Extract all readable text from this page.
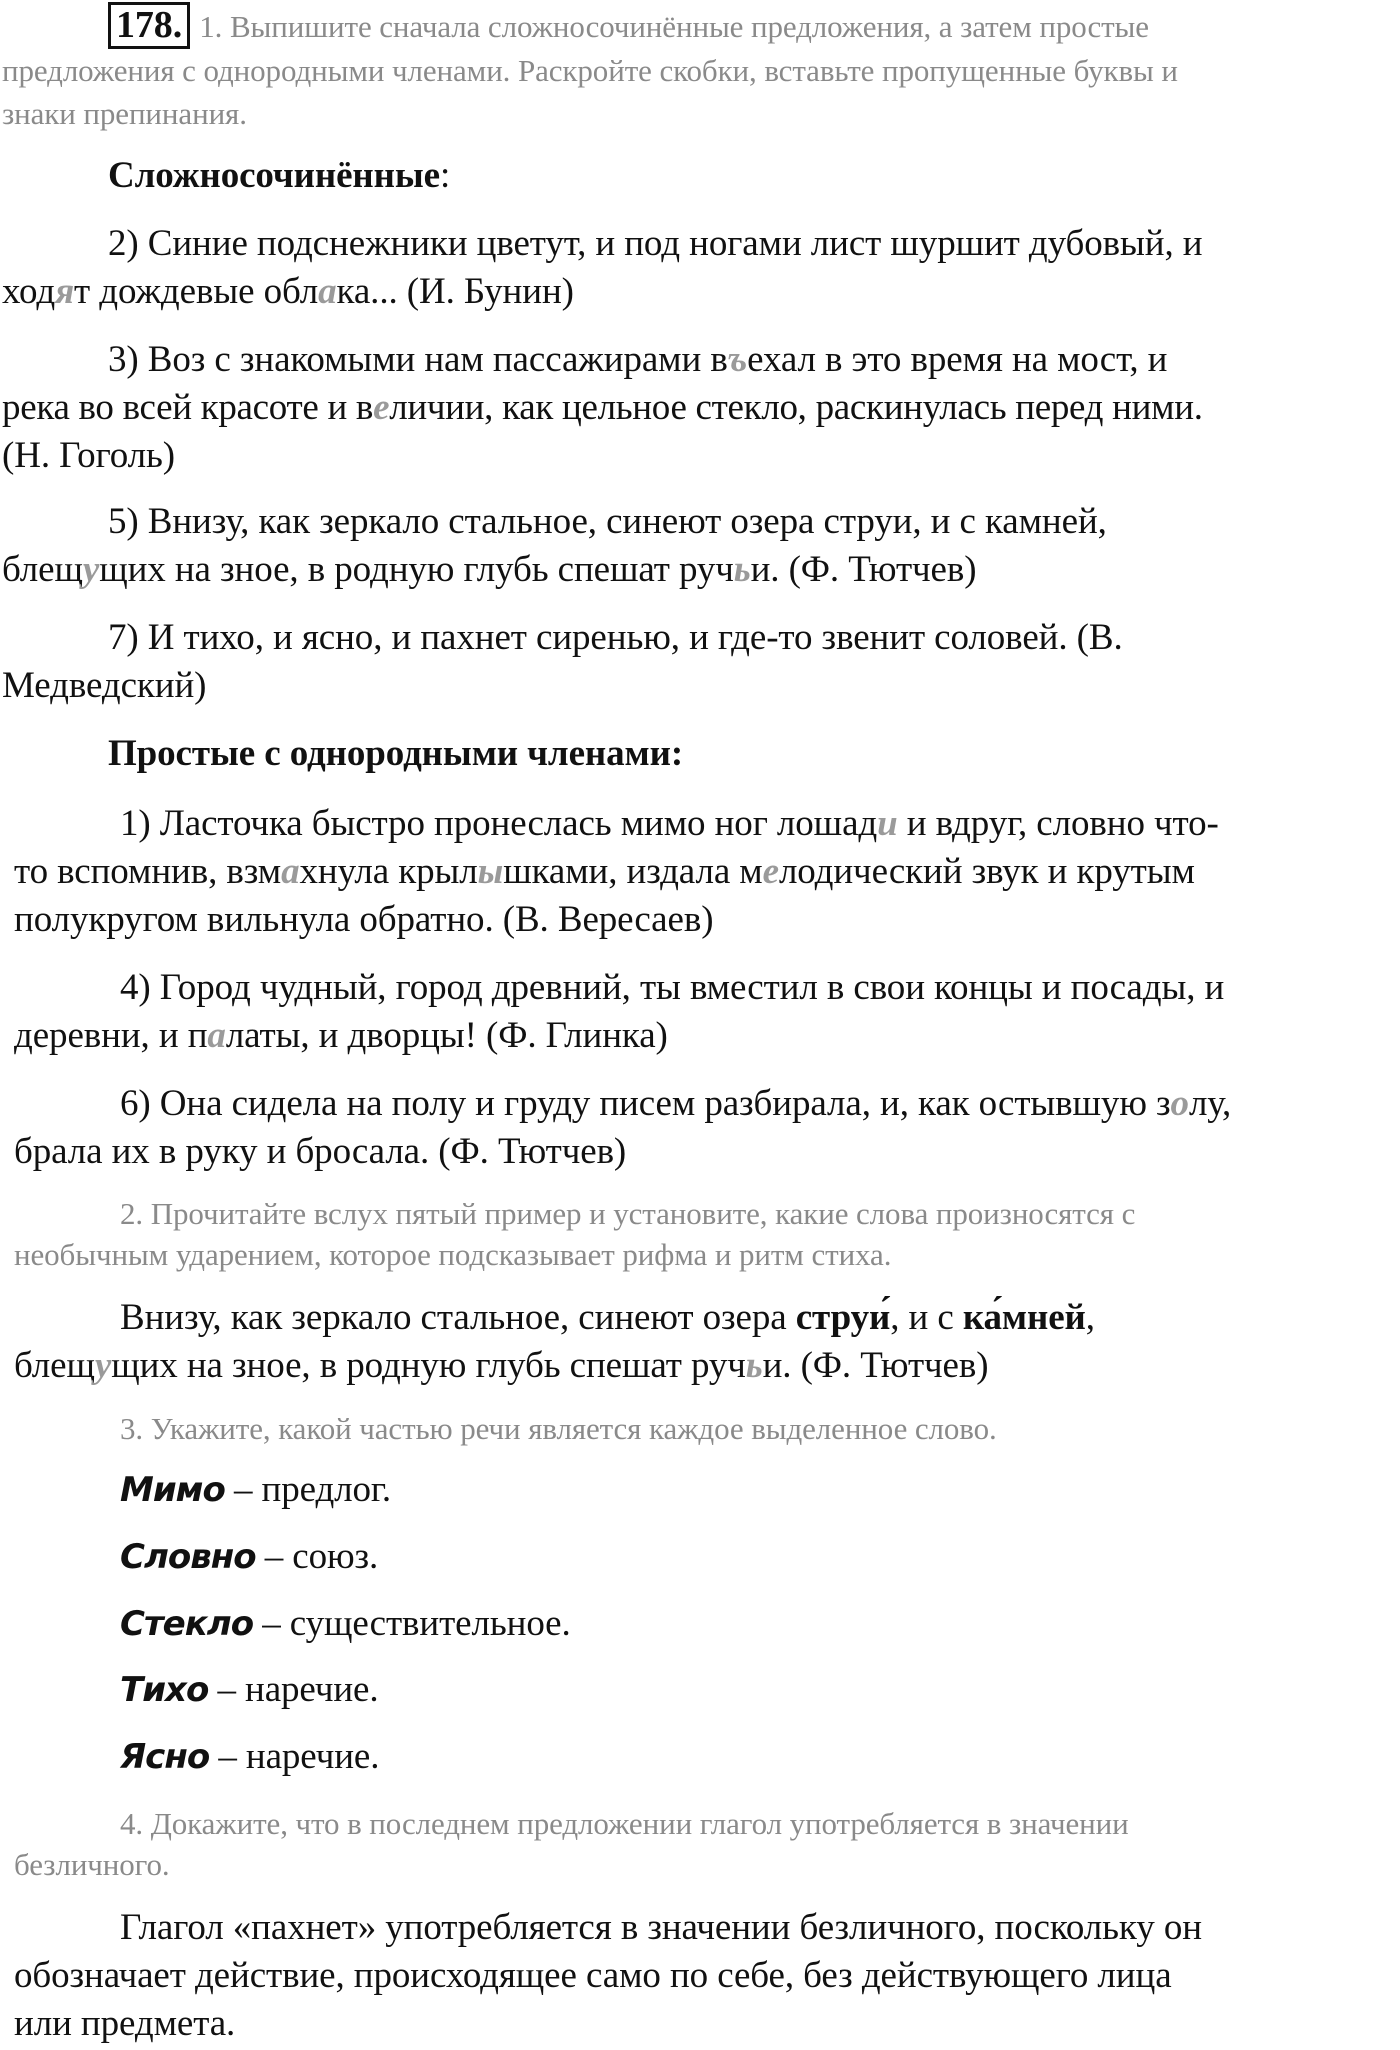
178. 1. Выпишите сначала сложносочинённые предложения, а затем простые
предложения с однородными членами. Раскройте скобки, вставьте пропущенные буквы и
знаки препинания.
Сложносочинённые:
2) Синие подснежники цветут, и под ногами лист шуршит дубовый, и
ходят дождевые облака... (И. Бунин)
3) Воз с знакомыми нам пассажирами въехал в это время на мост, и
река во всей красоте и величии, как цельное стекло, раскинулась перед ними.
(Н. Гоголь)
5) Внизу, как зеркало стальное, синеют озера струи, и с камней,
блещущих на зное, в родную глубь спешат ручьи. (Ф. Тютчев)
7) И тихо, и ясно, и пахнет сиренью, и где-то звенит соловей. (В.
Медведский)
Простые с однородными членами:
1) Ласточка быстро пронеслась мимо ног лошади и вдруг, словно что-
то вспомнив, взмахнула крылышками, издала мелодический звук и крутым
полукругом вильнула обратно. (В. Вересаев)
4) Город чудный, город древний, ты вместил в свои концы и посады, и
деревни, и палаты, и дворцы! (Ф. Глинка)
6) Она сидела на полу и груду писем разбирала, и, как остывшую золу,
брала их в руку и бросала. (Ф. Тютчев)
2. Прочитайте вслух пятый пример и установите, какие слова произносятся с
необычным ударением, которое подсказывает рифма и ритм стиха.
Внизу, как зеркало стальное, синеют озера струи́, и с ка́мней,
блещущих на зное, в родную глубь спешат ручьи. (Ф. Тютчев)
3. Укажите, какой частью речи является каждое выделенное слово.
Мимо – предлог.
Словно – союз.
Стекло – существительное.
Тихо – наречие.
Ясно – наречие.
4. Докажите, что в последнем предложении глагол употребляется в значении
безличного.
Глагол «пахнет» употребляется в значении безличного, поскольку он
обозначает действие, происходящее само по себе, без действующего лица
или предмета.
